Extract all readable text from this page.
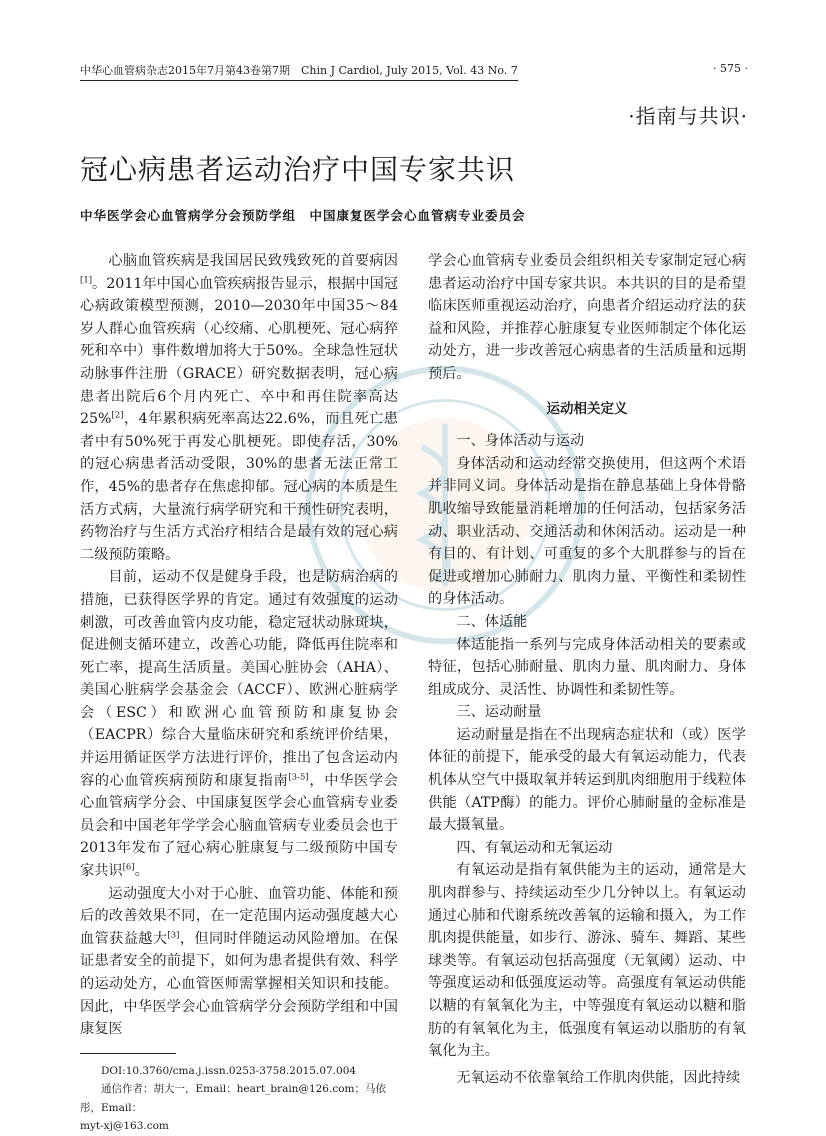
中华心血管病杂志2015年7月第43卷第7期　Chin J Cardiol, July 2015, Vol. 43 No. 7	· 575 ·
·指南与共识·
冠心病患者运动治疗中国专家共识
中华医学会心血管病学分会预防学组　中国康复医学会心血管病专业委员会

心脑血管疾病是我国居民致残致死的首要病因[1]。2011年中国心血管疾病报告显示，根据中国冠心病政策模型预测，2010—2030年中国35～84岁人群心血管疾病（心绞痛、心肌梗死、冠心病猝死和卒中）事件数增加将大于50%。全球急性冠状动脉事件注册（GRACE）研究数据表明，冠心病患者出院后6个月内死亡、卒中和再住院率高达25%[2]，4年累积病死率高达22.6%，而且死亡患者中有50%死于再发心肌梗死。即使存活，30%的冠心病患者活动受限，30%的患者无法正常工作，45%的患者存在焦虑抑郁。冠心病的本质是生活方式病，大量流行病学研究和干预性研究表明，药物治疗与生活方式治疗相结合是最有效的冠心病二级预防策略。

目前，运动不仅是健身手段，也是防病治病的措施，已获得医学界的肯定。通过有效强度的运动刺激，可改善血管内皮功能，稳定冠状动脉斑块，促进侧支循环建立，改善心功能，降低再住院率和死亡率，提高生活质量。美国心脏协会（AHA）、美国心脏病学会基金会（ACCF）、欧洲心脏病学会（ESC）和欧洲心血管预防和康复协会（EACPR）综合大量临床研究和系统评价结果，并运用循证医学方法进行评价，推出了包含运动内容的心血管疾病预防和康复指南[3-5]，中华医学会心血管病学分会、中国康复医学会心血管病专业委员会和中国老年学学会心脑血管病专业委员会也于2013年发布了冠心病心脏康复与二级预防中国专家共识[6]。

运动强度大小对于心脏、血管功能、体能和预后的改善效果不同，在一定范围内运动强度越大心血管获益越大[3]，但同时伴随运动风险增加。在保证患者安全的前提下，如何为患者提供有效、科学的运动处方，心血管医师需掌握相关知识和技能。因此，中华医学会心血管病学分会预防学组和中国康复医

DOI:10.3760/cma.j.issn.0253-3758.2015.07.004

通信作者：胡大一，Email：heart_brain@126.com；马依彤，Email：

myt-xj@163.com

学会心血管病专业委员会组织相关专家制定冠心病患者运动治疗中国专家共识。本共识的目的是希望临床医师重视运动治疗，向患者介绍运动疗法的获益和风险，并推荐心脏康复专业医师制定个体化运动处方，进一步改善冠心病患者的生活质量和远期预后。

运动相关定义

一、身体活动与运动

身体活动和运动经常交换使用，但这两个术语并非同义词。身体活动是指在静息基础上身体骨骼肌收缩导致能量消耗增加的任何活动，包括家务活动、职业活动、交通活动和休闲活动。运动是一种有目的、有计划、可重复的多个大肌群参与的旨在促进或增加心肺耐力、肌肉力量、平衡性和柔韧性的身体活动。

二、体适能

体适能指一系列与完成身体活动相关的要素或特征，包括心肺耐量、肌肉力量、肌肉耐力、身体组成成分、灵活性、协调性和柔韧性等。

三、运动耐量

运动耐量是指在不出现病态症状和（或）医学体征的前提下，能承受的最大有氧运动能力，代表机体从空气中摄取氧并转运到肌肉细胞用于线粒体供能（ATP酶）的能力。评价心肺耐量的金标准是最大摄氧量。

四、有氧运动和无氧运动

有氧运动是指有氧供能为主的运动，通常是大肌肉群参与、持续运动至少几分钟以上。有氧运动通过心肺和代谢系统改善氧的运输和摄入，为工作肌肉提供能量，如步行、游泳、骑车、舞蹈、某些球类等。有氧运动包括高强度（无氧阈）运动、中等强度运动和低强度运动等。高强度有氧运动供能以糖的有氧氧化为主，中等强度有氧运动以糖和脂肪的有氧氧化为主，低强度有氧运动以脂肪的有氧氧化为主。

无氧运动不依靠氧给工作肌肉供能，因此持续
